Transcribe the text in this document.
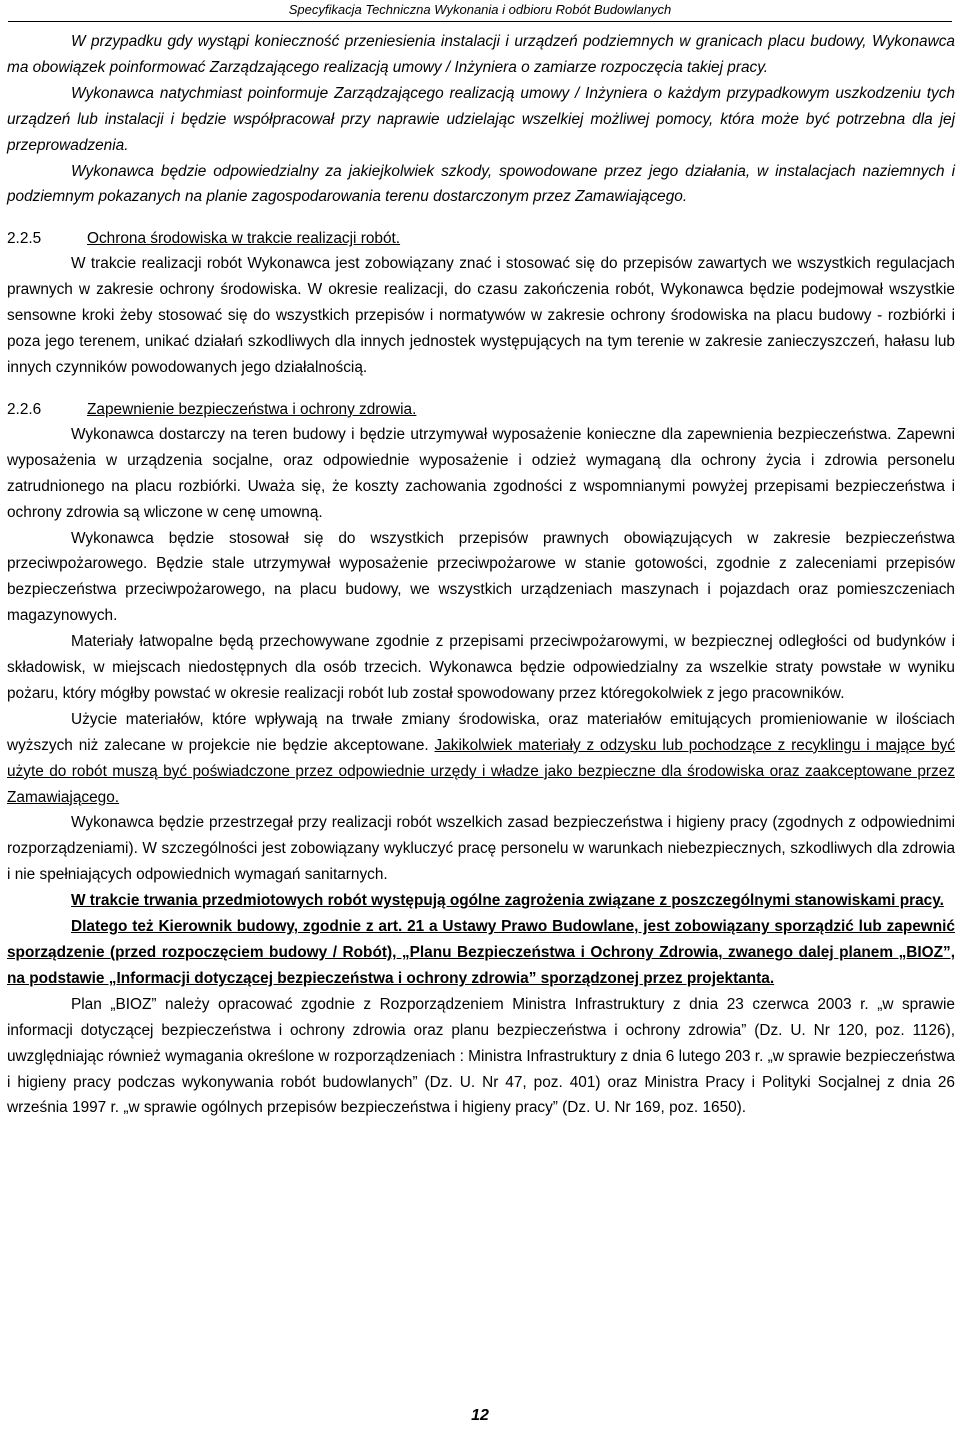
Specyfikacja Techniczna Wykonania i odbioru Robót Budowlanych

W przypadku gdy wystąpi konieczność przeniesienia instalacji i urządzeń podziemnych w granicach placu budowy, Wykonawca ma obowiązek poinformować Zarządzającego realizacją umowy / Inżyniera o zamiarze rozpoczęcia takiej pracy.

Wykonawca natychmiast poinformuje Zarządzającego realizacją umowy / Inżyniera o każdym przypadkowym uszkodzeniu tych urządzeń lub instalacji i będzie współpracował przy naprawie udzielając wszelkiej możliwej pomocy, która może być potrzebna dla jej przeprowadzenia.

Wykonawca będzie odpowiedzialny za jakiejkolwiek szkody, spowodowane przez jego działania, w instalacjach naziemnych i podziemnym pokazanych na planie zagospodarowania terenu dostarczonym przez Zamawiającego.

2.2.5	Ochrona środowiska w trakcie realizacji robót.

W trakcie realizacji robót Wykonawca jest zobowiązany znać i stosować się do przepisów zawartych we wszystkich regulacjach prawnych w zakresie ochrony środowiska. W okresie realizacji, do czasu zakończenia robót, Wykonawca będzie podejmował wszystkie sensowne kroki żeby stosować się do wszystkich przepisów i normatywów w zakresie ochrony środowiska na placu budowy - rozbiórki i poza jego terenem, unikać działań szkodliwych dla innych jednostek występujących na tym terenie w zakresie zanieczyszczeń, hałasu lub innych czynników powodowanych jego działalnością.

2.2.6	Zapewnienie bezpieczeństwa i ochrony zdrowia.

Wykonawca dostarczy na teren budowy i będzie utrzymywał wyposażenie konieczne dla zapewnienia bezpieczeństwa. Zapewni wyposażenia w urządzenia socjalne, oraz odpowiednie wyposażenie i odzież wymaganą dla ochrony życia i zdrowia personelu zatrudnionego na placu rozbiórki. Uważa się, że koszty zachowania zgodności z wspomnianymi powyżej przepisami bezpieczeństwa i ochrony zdrowia są wliczone w cenę umowną.

Wykonawca będzie stosował się do wszystkich przepisów prawnych obowiązujących w zakresie bezpieczeństwa przeciwpożarowego. Będzie stale utrzymywał wyposażenie przeciwpożarowe w stanie gotowości, zgodnie z zaleceniami przepisów bezpieczeństwa przeciwpożarowego, na placu budowy, we wszystkich urządzeniach maszynach i pojazdach oraz pomieszczeniach magazynowych.

Materiały łatwopalne będą przechowywane zgodnie z przepisami przeciwpożarowymi, w bezpiecznej odległości od budynków i składowisk, w miejscach niedostępnych dla osób trzecich. Wykonawca będzie odpowiedzialny za wszelkie straty powstałe w wyniku pożaru, który mógłby powstać w okresie realizacji robót lub został spowodowany przez któregokolwiek z jego pracowników.

Użycie materiałów, które wpływają na trwałe zmiany środowiska, oraz materiałów emitujących promieniowanie w ilościach wyższych niż zalecane w projekcie nie będzie akceptowane. Jakikolwiek materiały z odzysku lub pochodzące z recyklingu i mające być użyte do robót muszą być poświadczone przez odpowiednie urzędy i władze jako bezpieczne dla środowiska oraz zaakceptowane przez Zamawiającego.

Wykonawca będzie przestrzegał przy realizacji robót wszelkich zasad bezpieczeństwa i higieny pracy (zgodnych z odpowiednimi rozporządzeniami). W szczególności jest zobowiązany wykluczyć pracę personelu w warunkach niebezpiecznych, szkodliwych dla zdrowia i nie spełniających odpowiednich wymagań sanitarnych.

W trakcie trwania przedmiotowych robót występują ogólne zagrożenia związane z poszczególnymi stanowiskami pracy.

Dlatego też Kierownik budowy, zgodnie z art. 21 a Ustawy Prawo Budowlane, jest zobowiązany sporządzić lub zapewnić sporządzenie (przed rozpoczęciem budowy / Robót), „Planu Bezpieczeństwa i Ochrony Zdrowia, zwanego dalej planem „BIOZ”, na podstawie „Informacji dotyczącej bezpieczeństwa i ochrony zdrowia” sporządzonej przez projektanta.

Plan „BIOZ” należy opracować zgodnie z Rozporządzeniem Ministra Infrastruktury z dnia 23 czerwca 2003 r. „w sprawie informacji dotyczącej bezpieczeństwa i ochrony zdrowia oraz planu bezpieczeństwa i ochrony zdrowia” (Dz. U. Nr 120, poz. 1126), uwzględniając również wymagania określone w rozporządzeniach : Ministra Infrastruktury z dnia 6 lutego 203 r. „w sprawie bezpieczeństwa i higieny pracy podczas wykonywania robót budowlanych” (Dz. U. Nr 47, poz. 401) oraz Ministra Pracy i Polityki Socjalnej z dnia 26 września 1997 r. „w sprawie ogólnych przepisów bezpieczeństwa i higieny pracy” (Dz. U. Nr 169, poz. 1650).

12
